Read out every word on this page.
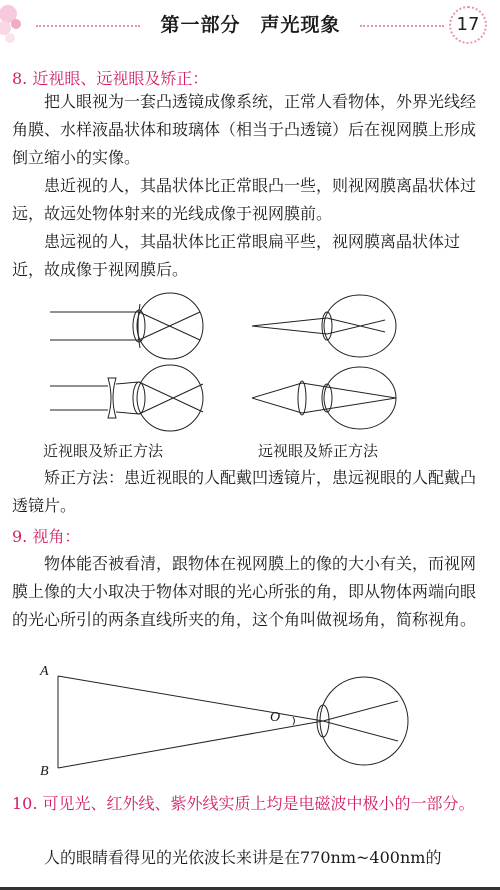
第一部分　声光现象	17
8. 近视眼、远视眼及矫正：

把人眼视为一套凸透镜成像系统，正常人看物体，外界光线经角膜、水样液晶状体和玻璃体（相当于凸透镜）后在视网膜上形成倒立缩小的实像。

患近视的人，其晶状体比正常眼凸一些，则视网膜离晶状体过远，故远处物体射来的光线成像于视网膜前。

患远视的人，其晶状体比正常眼扁平些，视网膜离晶状体过近，故成像于视网膜后。

近视眼及矫正方法	远视眼及矫正方法

矫正方法：患近视眼的人配戴凹透镜片，患远视眼的人配戴凸透镜片。

9. 视角：

物体能否被看清，跟物体在视网膜上的像的大小有关，而视网膜上像的大小取决于物体对眼的光心所张的角，即从物体两端向眼的光心所引的两条直线所夹的角，这个角叫做视场角，简称视角。

A
B
O

10. 可见光、红外线、紫外线实质上均是电磁波中极小的一部分。

人的眼睛看得见的光依波长来讲是在770nm~400nm的
